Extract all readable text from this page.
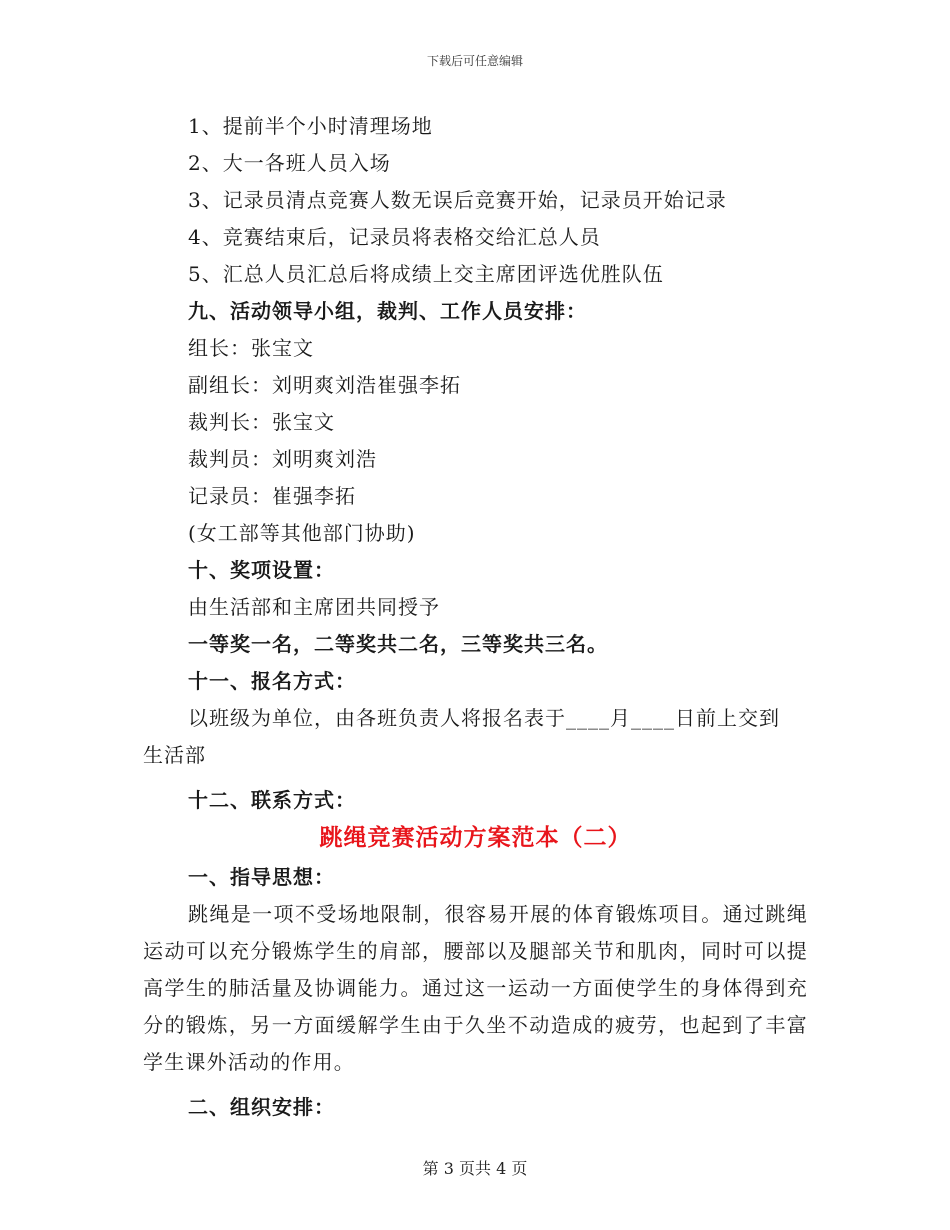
下载后可任意编辑
1、提前半个小时清理场地
2、大一各班人员入场
3、记录员清点竞赛人数无误后竞赛开始，记录员开始记录
4、竞赛结束后，记录员将表格交给汇总人员
5、汇总人员汇总后将成绩上交主席团评选优胜队伍
九、活动领导小组，裁判、工作人员安排：
组长：张宝文
副组长：刘明爽刘浩崔强李拓
裁判长：张宝文
裁判员：刘明爽刘浩
记录员：崔强李拓
(女工部等其他部门协助)
十、奖项设置：
由生活部和主席团共同授予
一等奖一名，二等奖共二名，三等奖共三名。
十一、报名方式：
以班级为单位，由各班负责人将报名表于____月____日前上交到
生活部
十二、联系方式：
跳绳竞赛活动方案范本（二）
一、指导思想：
跳绳是一项不受场地限制，很容易开展的体育锻炼项目。通过跳绳运动可以充分锻炼学生的肩部，腰部以及腿部关节和肌肉，同时可以提高学生的肺活量及协调能力。通过这一运动一方面使学生的身体得到充分的锻炼，另一方面缓解学生由于久坐不动造成的疲劳，也起到了丰富学生课外活动的作用。
二、组织安排：
第 3 页共 4 页
